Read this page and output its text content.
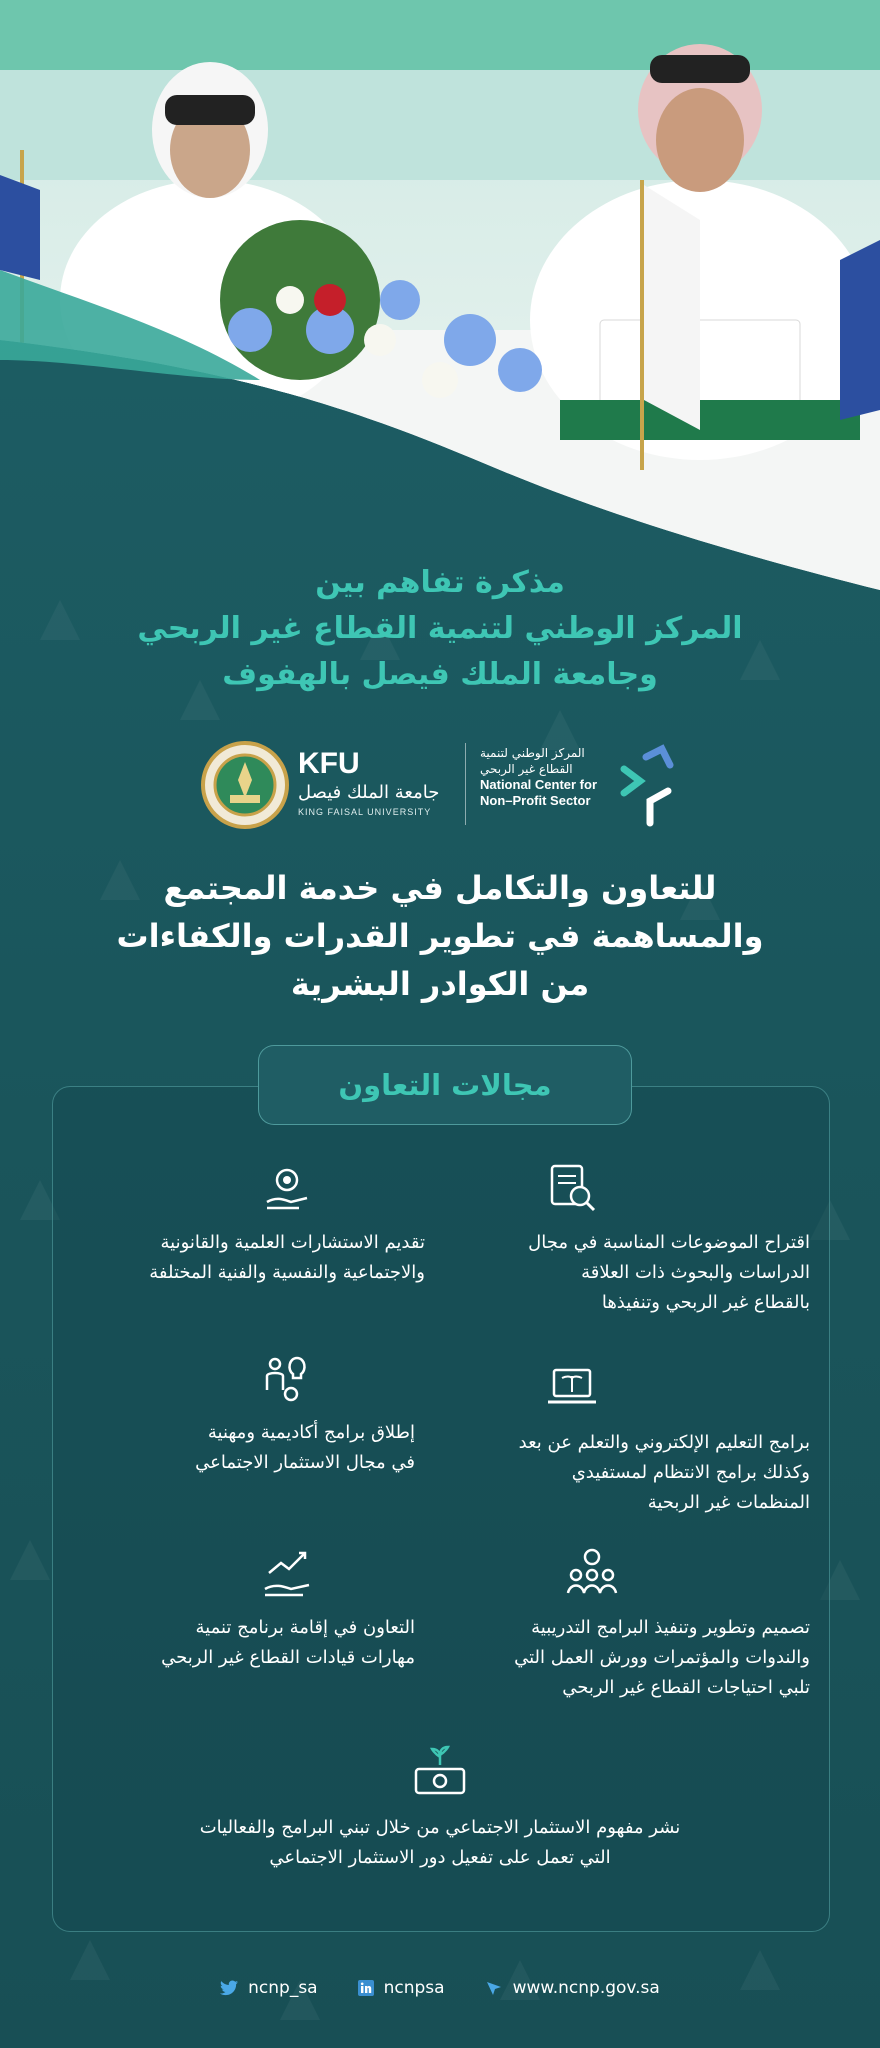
مذكرة تفاهم بين
المركز الوطني لتنمية القطاع غير الربحي
وجامعة الملك فيصل بالهفوف
KFU
جامعة الملك فيصل
KING FAISAL UNIVERSITY
المركز الوطني لتنمية
القطاع غير الربحي
National Center for
Non–Profit Sector
للتعاون والتكامل في خدمة المجتمع
والمساهمة في تطوير القدرات والكفاءات
من الكوادر البشرية
مجالات التعاون
اقتراح الموضوعات المناسبة في مجال
الدراسات والبحوث ذات العلاقة
بالقطاع غير الربحي وتنفيذها
تقديم الاستشارات العلمية والقانونية
والاجتماعية والنفسية والفنية المختلفة
برامج التعليم الإلكتروني والتعلم عن بعد
وكذلك برامج الانتظام لمستفيدي
المنظمات غير الربحية
إطلاق برامج أكاديمية ومهنية
في مجال الاستثمار الاجتماعي
تصميم وتطوير وتنفيذ البرامج التدريبية
والندوات والمؤتمرات وورش العمل التي
تلبي احتياجات القطاع غير الربحي
التعاون في إقامة برنامج تنمية
مهارات قيادات القطاع غير الربحي
نشر مفهوم الاستثمار الاجتماعي من خلال تبني البرامج والفعاليات
التي تعمل على تفعيل دور الاستثمار الاجتماعي
ncnp_sa	ncnpsa	www.ncnp.gov.sa
